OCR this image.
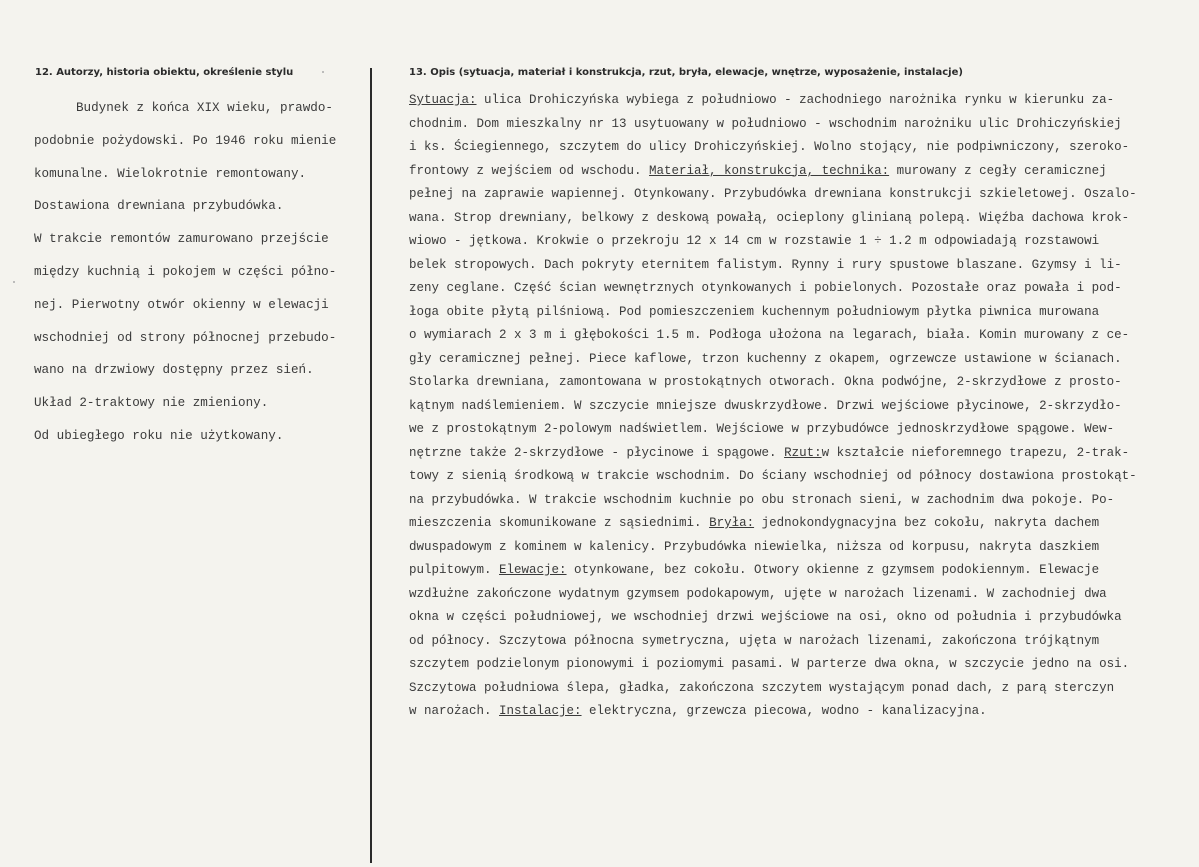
12. Autorzy, historia obiektu, określenie stylu	13. Opis (sytuacja, materiał i konstrukcja, rzut, bryła, elewacje, wnętrze, wyposażenie, instalacje)
Budynek z końca XIX wieku, prawdo-
podobnie pożydowski. Po 1946 roku mienie
komunalne. Wielokrotnie remontowany.
Dostawiona drewniana przybudówka.
W trakcie remontów zamurowano przejście
między kuchnią i pokojem w części półno-
nej. Pierwotny otwór okienny w elewacji
wschodniej od strony północnej przebudo-
wano na drzwiowy dostępny przez sień.
Układ 2-traktowy nie zmieniony.
Od ubiegłego roku nie użytkowany.
Sytuacja: ulica Drohiczyńska wybiega z południowo - zachodniego narożnika rynku w kierunku za-
chodnim. Dom mieszkalny nr 13 usytuowany w południowo - wschodnim narożniku ulic Drohiczyńskiej
i ks. Ściegiennego, szczytem do ulicy Drohiczyńskiej. Wolno stojący, nie podpiwniczony, szeroko-
frontowy z wejściem od wschodu. Materiał, konstrukcja, technika: murowany z cegły ceramicznej
pełnej na zaprawie wapiennej. Otynkowany. Przybudówka drewniana konstrukcji szkieletowej. Oszalo-
wana. Strop drewniany, belkowy z deskową powałą, ocieplony glinianą polepą. Więźba dachowa krok-
wiowo - jętkowa. Krokwie o przekroju 12 x 14 cm w rozstawie 1 ÷ 1.2 m odpowiadają rozstawowi
belek stropowych. Dach pokryty eternitem falistym. Rynny i rury spustowe blaszane. Gzymsy i li-
zeny ceglane. Część ścian wewnętrznych otynkowanych i pobielonych. Pozostałe oraz powała i pod-
łoga obite płytą pilśniową. Pod pomieszczeniem kuchennym południowym płytka piwnica murowana
o wymiarach 2 x 3 m i głębokości 1.5 m. Podłoga ułożona na legarach, biała. Komin murowany z ce-
gły ceramicznej pełnej. Piece kaflowe, trzon kuchenny z okapem, ogrzewcze ustawione w ścianach.
Stolarka drewniana, zamontowana w prostokątnych otworach. Okna podwójne, 2-skrzydłowe z prosto-
kątnym nadślemieniem. W szczycie mniejsze dwuskrzydłowe. Drzwi wejściowe płycinowe, 2-skrzydło-
we z prostokątnym 2-polowym nadświetlem. Wejściowe w przybudówce jednoskrzydłowe spągowe. Wew-
nętrzne także 2-skrzydłowe - płycinowe i spągowe. Rzut:w kształcie nieforemnego trapezu, 2-trak-
towy z sienią środkową w trakcie wschodnim. Do ściany wschodniej od północy dostawiona prostokąt-
na przybudówka. W trakcie wschodnim kuchnie po obu stronach sieni, w zachodnim dwa pokoje. Po-
mieszczenia skomunikowane z sąsiednimi. Bryła: jednokondygnacyjna bez cokołu, nakryta dachem
dwuspadowym z kominem w kalenicy. Przybudówka niewielka, niższa od korpusu, nakryta daszkiem
pulpitowym. Elewacje: otynkowane, bez cokołu. Otwory okienne z gzymsem podokiennym. Elewacje
wzdłużne zakończone wydatnym gzymsem podokapowym, ujęte w narożach lizenami. W zachodniej dwa
okna w części południowej, we wschodniej drzwi wejściowe na osi, okno od południa i przybudówka
od północy. Szczytowa północna symetryczna, ujęta w narożach lizenami, zakończona trójkątnym
szczytem podzielonym pionowymi i poziomymi pasami. W parterze dwa okna, w szczycie jedno na osi.
Szczytowa południowa ślepa, gładka, zakończona szczytem wystającym ponad dach, z parą sterczyn
w narożach. Instalacje: elektryczna, grzewcza piecowa, wodno - kanalizacyjna.
